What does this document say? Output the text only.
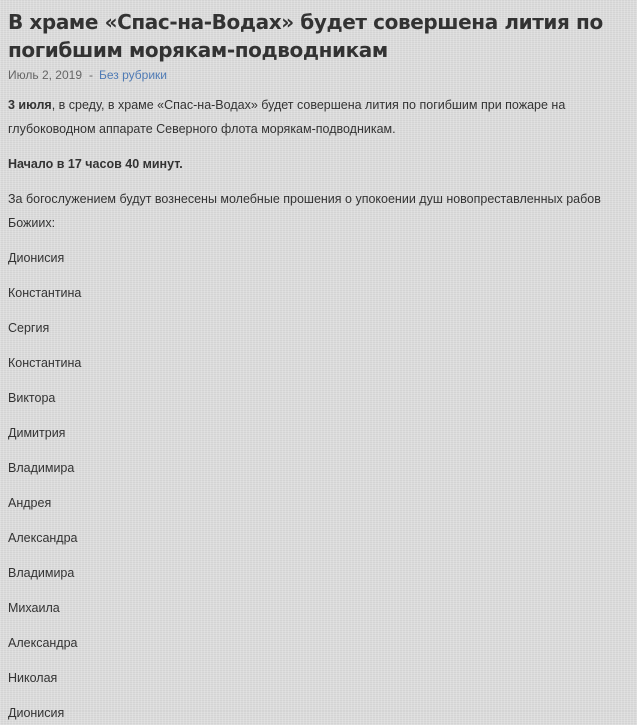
В храме «Спас-на-Водах» будет совершена лития по погибшим морякам-подводникам
Июль 2, 2019 - Без рубрики

3 июля, в среду, в храме «Спас-на-Водах» будет совершена лития по погибшим при пожаре на глубоководном аппарате Северного флота морякам-подводникам.

Начало в 17 часов 40 минут.

За богослужением будут вознесены молебные прошения о упокоении душ новопреставленных рабов Божиих:

Дионисия

Константина

Сергия

Константина

Виктора

Димитрия

Владимира

Андрея

Александра

Владимира

Михаила

Александра

Николая

Дионисия
